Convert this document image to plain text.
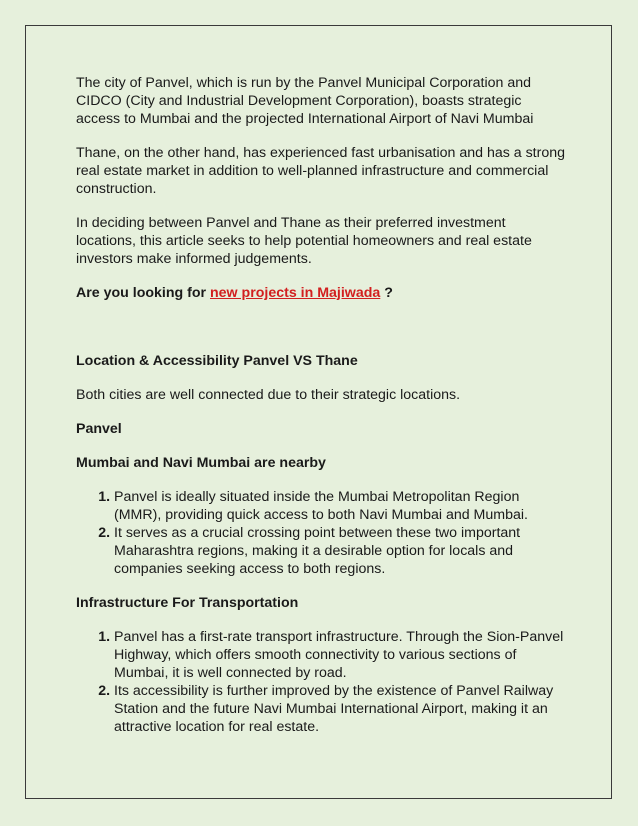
The city of Panvel, which is run by the Panvel Municipal Corporation and CIDCO (City and Industrial Development Corporation), boasts strategic access to Mumbai and the projected International Airport of Navi Mumbai

Thane, on the other hand, has experienced fast urbanisation and has a strong real estate market in addition to well-planned infrastructure and commercial construction.

In deciding between Panvel and Thane as their preferred investment locations, this article seeks to help potential homeowners and real estate investors make informed judgements.

Are you looking for new projects in Majiwada ?

Location & Accessibility Panvel VS Thane

Both cities are well connected due to their strategic locations.

Panvel

Mumbai and Navi Mumbai are nearby

1. Panvel is ideally situated inside the Mumbai Metropolitan Region (MMR), providing quick access to both Navi Mumbai and Mumbai.
2. It serves as a crucial crossing point between these two important Maharashtra regions, making it a desirable option for locals and companies seeking access to both regions.

Infrastructure For Transportation

1. Panvel has a first-rate transport infrastructure. Through the Sion-Panvel Highway, which offers smooth connectivity to various sections of Mumbai, it is well connected by road.
2. Its accessibility is further improved by the existence of Panvel Railway Station and the future Navi Mumbai International Airport, making it an attractive location for real estate.
